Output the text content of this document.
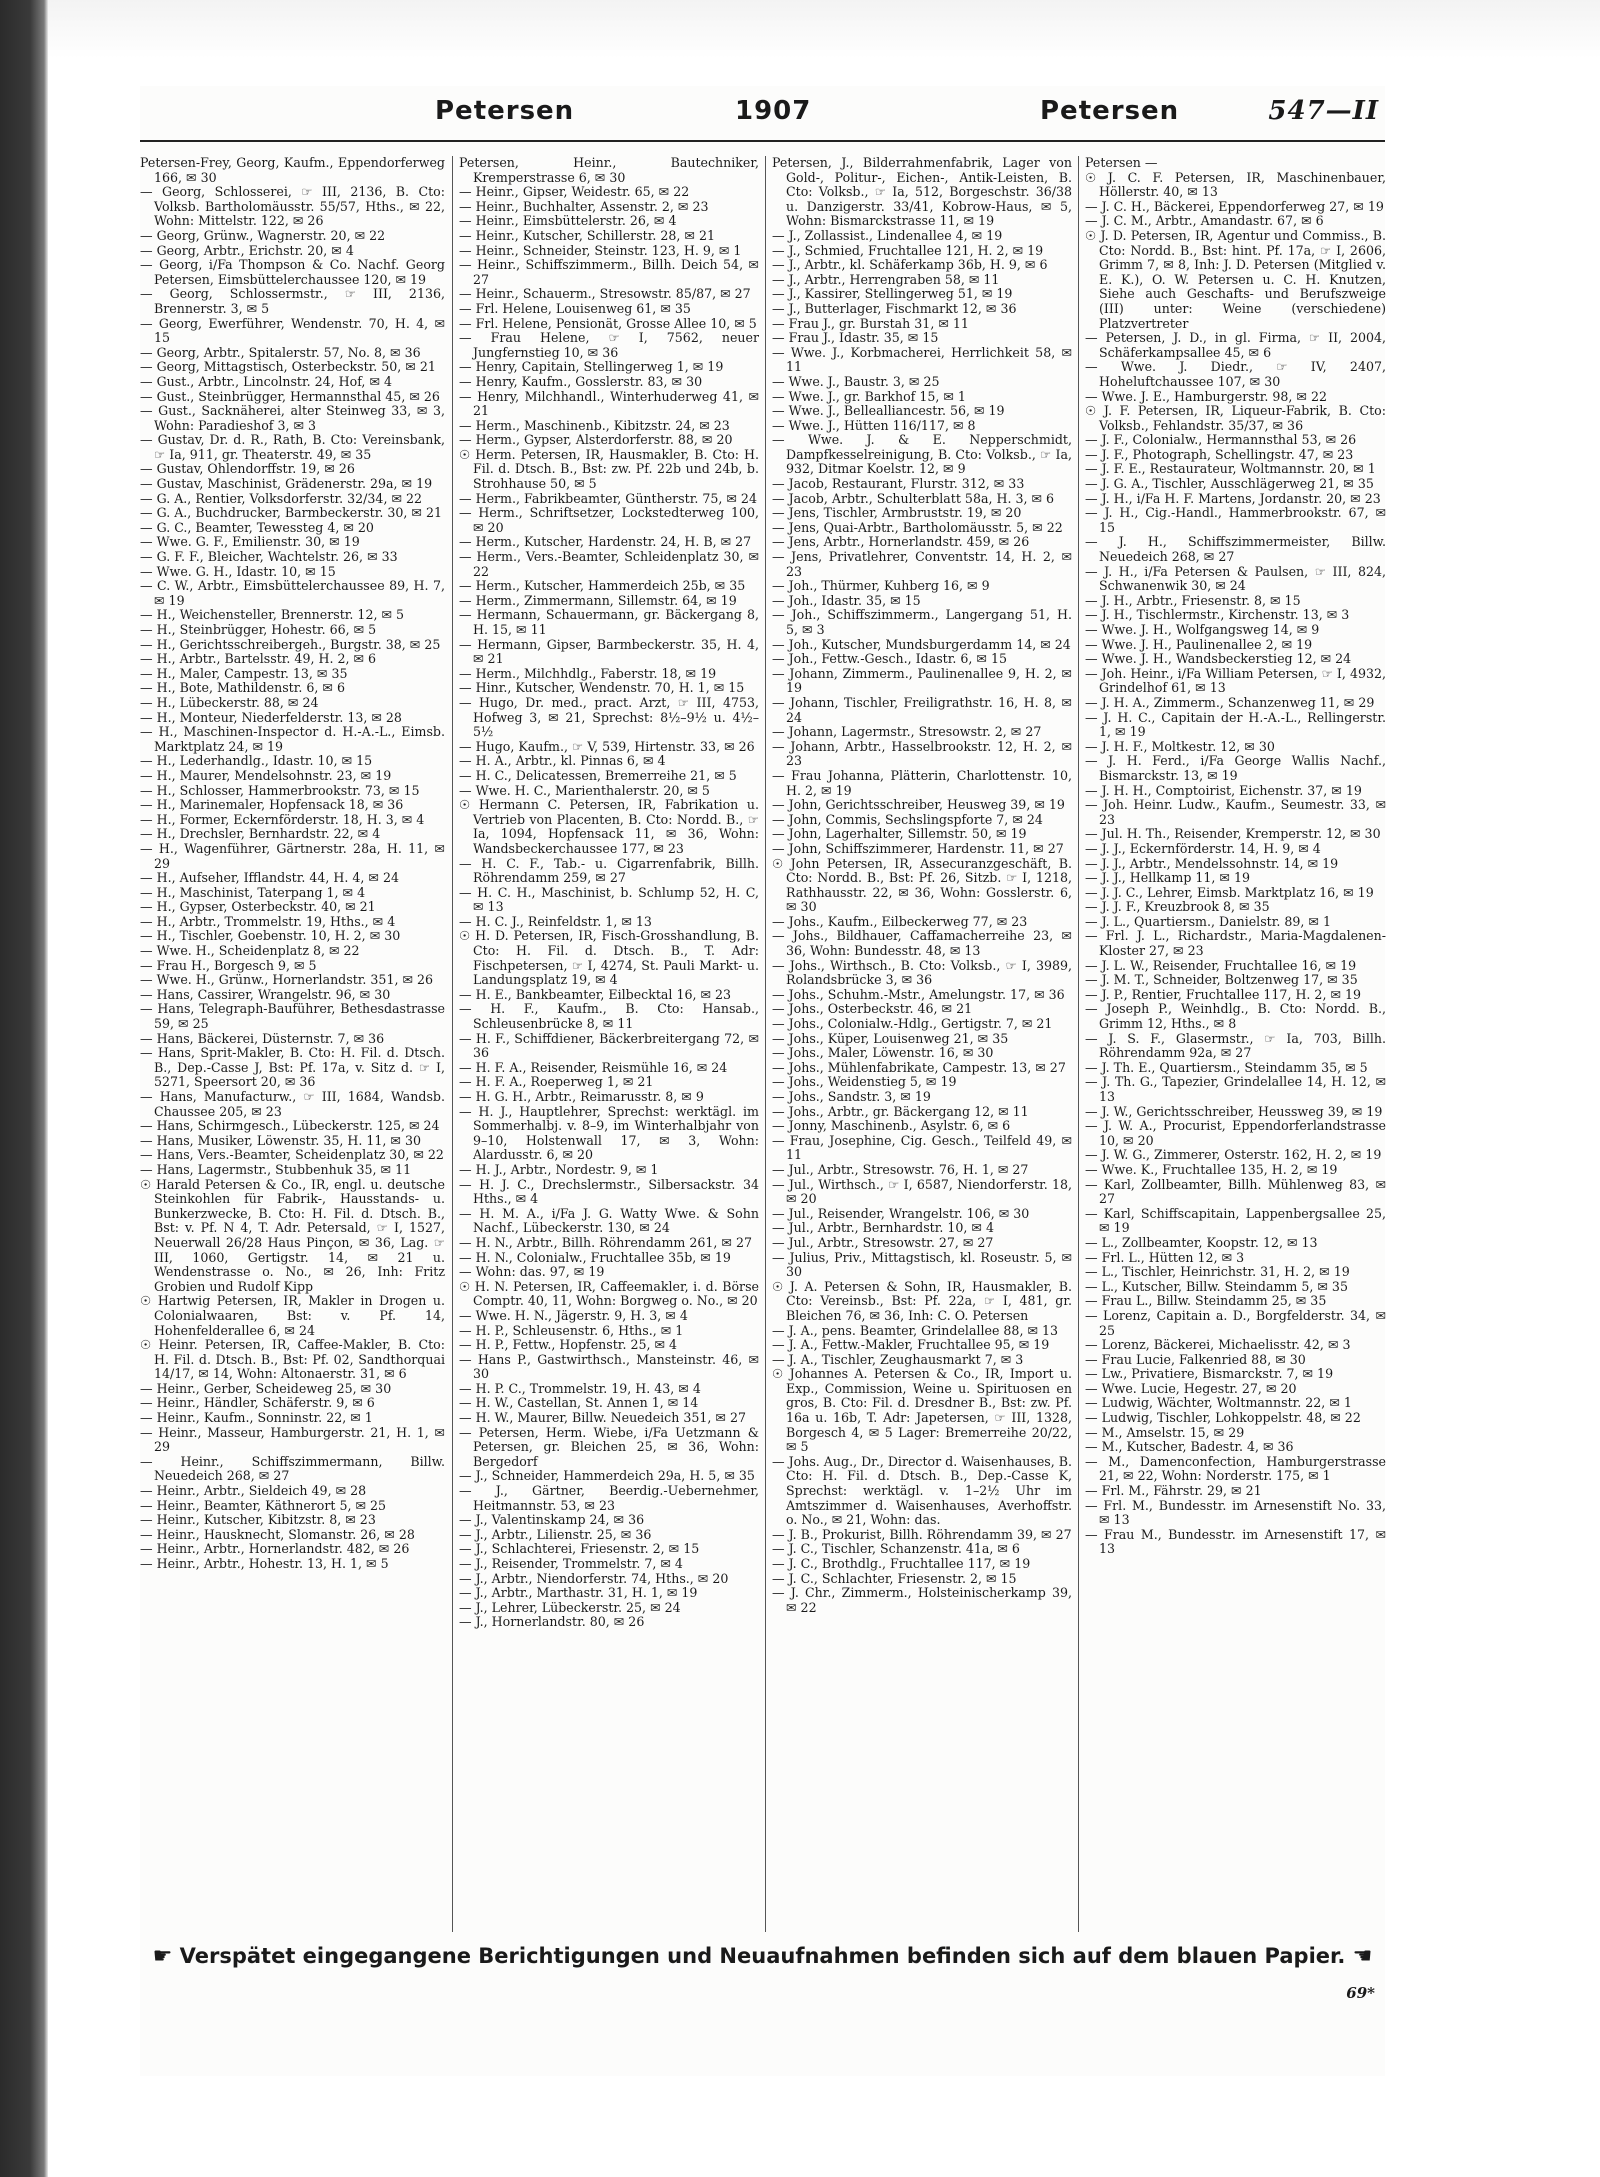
Petersen	1907	Petersen	547—II

Petersen-Frey, Georg, Kaufm., Eppendorferweg 166, ✉ 30

— Georg, Schlosserei, ☞ III, 2136, B. Cto: Volksb. Bartholomäusstr. 55/57, Hths., ✉ 22, Wohn: Mittelstr. 122, ✉ 26

— Georg, Grünw., Wagnerstr. 20, ✉ 22

— Georg, Arbtr., Erichstr. 20, ✉ 4

— Georg, i/Fa Thompson & Co. Nachf. Georg Petersen, Eimsbüttelerchaussee 120, ✉ 19

— Georg, Schlossermstr., ☞ III, 2136, Brennerstr. 3, ✉ 5

— Georg, Ewerführer, Wendenstr. 70, H. 4, ✉ 15

— Georg, Arbtr., Spitalerstr. 57, No. 8, ✉ 36

— Georg, Mittagstisch, Osterbeckstr. 50, ✉ 21

— Gust., Arbtr., Lincolnstr. 24, Hof, ✉ 4

— Gust., Steinbrügger, Hermannsthal 45, ✉ 26

— Gust., Sacknäherei, alter Steinweg 33, ✉ 3, Wohn: Paradieshof 3, ✉ 3

— Gustav, Dr. d. R., Rath, B. Cto: Vereinsbank, ☞ Ia, 911, gr. Theaterstr. 49, ✉ 35

— Gustav, Ohlendorffstr. 19, ✉ 26

— Gustav, Maschinist, Grädenerstr. 29a, ✉ 19

— G. A., Rentier, Volksdorferstr. 32/34, ✉ 22

— G. A., Buchdrucker, Barmbeckerstr. 30, ✉ 21

— G. C., Beamter, Tewessteg 4, ✉ 20

— Wwe. G. F., Emilienstr. 30, ✉ 19

— G. F. F., Bleicher, Wachtelstr. 26, ✉ 33

— Wwe. G. H., Idastr. 10, ✉ 15

— C. W., Arbtr., Eimsbüttelerchaussee 89, H. 7, ✉ 19

— H., Weichensteller, Brennerstr. 12, ✉ 5

— H., Steinbrügger, Hohestr. 66, ✉ 5

— H., Gerichtsschreibergeh., Burgstr. 38, ✉ 25

— H., Arbtr., Bartelsstr. 49, H. 2, ✉ 6

— H., Maler, Campestr. 13, ✉ 35

— H., Bote, Mathildenstr. 6, ✉ 6

— H., Lübeckerstr. 88, ✉ 24

— H., Monteur, Niederfelderstr. 13, ✉ 28

— H., Maschinen-Inspector d. H.-A.-L., Eimsb. Marktplatz 24, ✉ 19

— H., Lederhandlg., Idastr. 10, ✉ 15

— H., Maurer, Mendelsohnstr. 23, ✉ 19

— H., Schlosser, Hammerbrookstr. 73, ✉ 15

— H., Marinemaler, Hopfensack 18, ✉ 36

— H., Former, Eckernförderstr. 18, H. 3, ✉ 4

— H., Drechsler, Bernhardstr. 22, ✉ 4

— H., Wagenführer, Gärtnerstr. 28a, H. 11, ✉ 29

— H., Aufseher, Ifflandstr. 44, H. 4, ✉ 24

— H., Maschinist, Taterpang 1, ✉ 4

— H., Gypser, Osterbeckstr. 40, ✉ 21

— H., Arbtr., Trommelstr. 19, Hths., ✉ 4

— H., Tischler, Goebenstr. 10, H. 2, ✉ 30

— Wwe. H., Scheidenplatz 8, ✉ 22

— Frau H., Borgesch 9, ✉ 5

— Wwe. H., Grünw., Hornerlandstr. 351, ✉ 26

— Hans, Cassirer, Wrangelstr. 96, ✉ 30

— Hans, Telegraph-Bauführer, Bethesdastrasse 59, ✉ 25

— Hans, Bäckerei, Düsternstr. 7, ✉ 36

— Hans, Sprit-Makler, B. Cto: H. Fil. d. Dtsch. B., Dep.-Casse J, Bst: Pf. 17a, v. Sitz d. ☞ I, 5271, Speersort 20, ✉ 36

— Hans, Manufacturw., ☞ III, 1684, Wandsb. Chaussee 205, ✉ 23

— Hans, Schirmgesch., Lübeckerstr. 125, ✉ 24

— Hans, Musiker, Löwenstr. 35, H. 11, ✉ 30

— Hans, Vers.-Beamter, Scheidenplatz 30, ✉ 22

— Hans, Lagermstr., Stubbenhuk 35, ✉ 11

☉ Harald Petersen & Co., IR, engl. u. deutsche Steinkohlen für Fabrik-, Hausstands- u. Bunkerzwecke, B. Cto: H. Fil. d. Dtsch. B., Bst: v. Pf. N 4, T. Adr. Petersald, ☞ I, 1527, Neuerwall 26/28 Haus Pinçon, ✉ 36, Lag. ☞ III, 1060, Gertigstr. 14, ✉ 21 u. Wendenstrasse o. No., ✉ 26, Inh: Fritz Grobien und Rudolf Kipp

☉ Hartwig Petersen, IR, Makler in Drogen u. Colonialwaaren, Bst: v. Pf. 14, Hohenfelderallee 6, ✉ 24

☉ Heinr. Petersen, IR, Caffee-Makler, B. Cto: H. Fil. d. Dtsch. B., Bst: Pf. 02, Sandthorquai 14/17, ✉ 14, Wohn: Altonaerstr. 31, ✉ 6

— Heinr., Gerber, Scheideweg 25, ✉ 30

— Heinr., Händler, Schäferstr. 9, ✉ 6

— Heinr., Kaufm., Sonninstr. 22, ✉ 1

— Heinr., Masseur, Hamburgerstr. 21, H. 1, ✉ 29

— Heinr., Schiffszimmermann, Billw. Neuedeich 268, ✉ 27

— Heinr., Arbtr., Sieldeich 49, ✉ 28

— Heinr., Beamter, Käthnerort 5, ✉ 25

— Heinr., Kutscher, Kibitzstr. 8, ✉ 23

— Heinr., Hausknecht, Slomanstr. 26, ✉ 28

— Heinr., Arbtr., Hornerlandstr. 482, ✉ 26

— Heinr., Arbtr., Hohestr. 13, H. 1, ✉ 5

Petersen, Heinr., Bautechniker, Kremperstrasse 6, ✉ 30

— Heinr., Gipser, Weidestr. 65, ✉ 22

— Heinr., Buchhalter, Assenstr. 2, ✉ 23

— Heinr., Eimsbüttelerstr. 26, ✉ 4

— Heinr., Kutscher, Schillerstr. 28, ✉ 21

— Heinr., Schneider, Steinstr. 123, H. 9, ✉ 1

— Heinr., Schiffszimmerm., Billh. Deich 54, ✉ 27

— Heinr., Schauerm., Stresowstr. 85/87, ✉ 27

— Frl. Helene, Louisenweg 61, ✉ 35

— Frl. Helene, Pensionät, Grosse Allee 10, ✉ 5

— Frau Helene, ☞ I, 7562, neuer Jungfernstieg 10, ✉ 36

— Henry, Capitain, Stellingerweg 1, ✉ 19

— Henry, Kaufm., Gosslerstr. 83, ✉ 30

— Henry, Milchhandl., Winterhuderweg 41, ✉ 21

— Herm., Maschinenb., Kibitzstr. 24, ✉ 23

— Herm., Gypser, Alsterdorferstr. 88, ✉ 20

☉ Herm. Petersen, IR, Hausmakler, B. Cto: H. Fil. d. Dtsch. B., Bst: zw. Pf. 22b und 24b, b. Strohhause 50, ✉ 5

— Herm., Fabrikbeamter, Güntherstr. 75, ✉ 24

— Herm., Schriftsetzer, Lockstedterweg 100, ✉ 20

— Herm., Kutscher, Hardenstr. 24, H. B, ✉ 27

— Herm., Vers.-Beamter, Schleidenplatz 30, ✉ 22

— Herm., Kutscher, Hammerdeich 25b, ✉ 35

— Herm., Zimmermann, Sillemstr. 64, ✉ 19

— Hermann, Schauermann, gr. Bäckergang 8, H. 15, ✉ 11

— Hermann, Gipser, Barmbeckerstr. 35, H. 4, ✉ 21

— Herm., Milchhdlg., Faberstr. 18, ✉ 19

— Hinr., Kutscher, Wendenstr. 70, H. 1, ✉ 15

— Hugo, Dr. med., pract. Arzt, ☞ III, 4753, Hofweg 3, ✉ 21, Sprechst: 8½–9½ u. 4½–5½

— Hugo, Kaufm., ☞ V, 539, Hirtenstr. 33, ✉ 26

— H. A., Arbtr., kl. Pinnas 6, ✉ 4

— H. C., Delicatessen, Bremerreihe 21, ✉ 5

— Wwe. H. C., Marienthalerstr. 20, ✉ 5

☉ Hermann C. Petersen, IR, Fabrikation u. Vertrieb von Placenten, B. Cto: Nordd. B., ☞ Ia, 1094, Hopfensack 11, ✉ 36, Wohn: Wandsbeckerchaussee 177, ✉ 23

— H. C. F., Tab.- u. Cigarrenfabrik, Billh. Röhrendamm 259, ✉ 27

— H. C. H., Maschinist, b. Schlump 52, H. C, ✉ 13

— H. C. J., Reinfeldstr. 1, ✉ 13

☉ H. D. Petersen, IR, Fisch-Grosshandlung, B. Cto: H. Fil. d. Dtsch. B., T. Adr: Fischpetersen, ☞ I, 4274, St. Pauli Markt- u. Landungsplatz 19, ✉ 4

— H. E., Bankbeamter, Eilbecktal 16, ✉ 23

— H. F., Kaufm., B. Cto: Hansab., Schleusenbrücke 8, ✉ 11

— H. F., Schiffdiener, Bäckerbreitergang 72, ✉ 36

— H. F. A., Reisender, Reismühle 16, ✉ 24

— H. F. A., Roeperweg 1, ✉ 21

— H. G. H., Arbtr., Reimarusstr. 8, ✉ 9

— H. J., Hauptlehrer, Sprechst: werktägl. im Sommerhalbj. v. 8–9, im Winterhalbjahr von 9–10, Holstenwall 17, ✉ 3, Wohn: Alardusstr. 6, ✉ 20

— H. J., Arbtr., Nordestr. 9, ✉ 1

— H. J. C., Drechslermstr., Silbersackstr. 34 Hths., ✉ 4

— H. M. A., i/Fa J. G. Watty Wwe. & Sohn Nachf., Lübeckerstr. 130, ✉ 24

— H. N., Arbtr., Billh. Röhrendamm 261, ✉ 27

— H. N., Colonialw., Fruchtallee 35b, ✉ 19

— Wohn: das. 97, ✉ 19

☉ H. N. Petersen, IR, Caffeemakler, i. d. Börse Comptr. 40, 11, Wohn: Borgweg o. No., ✉ 20

— Wwe. H. N., Jägerstr. 9, H. 3, ✉ 4

— H. P., Schleusenstr. 6, Hths., ✉ 1

— H. P., Fettw., Hopfenstr. 25, ✉ 4

— Hans P., Gastwirthsch., Mansteinstr. 46, ✉ 30

— H. P. C., Trommelstr. 19, H. 43, ✉ 4

— H. W., Castellan, St. Annen 1, ✉ 14

— H. W., Maurer, Billw. Neuedeich 351, ✉ 27

— Petersen, Herm. Wiebe, i/Fa Uetzmann & Petersen, gr. Bleichen 25, ✉ 36, Wohn: Bergedorf

— J., Schneider, Hammerdeich 29a, H. 5, ✉ 35

— J., Gärtner, Beerdig.-Uebernehmer, Heitmannstr. 53, ✉ 23

— J., Valentinskamp 24, ✉ 36

— J., Arbtr., Lilienstr. 25, ✉ 36

— J., Schlachterei, Friesenstr. 2, ✉ 15

— J., Reisender, Trommelstr. 7, ✉ 4

— J., Arbtr., Niendorferstr. 74, Hths., ✉ 20

— J., Arbtr., Marthastr. 31, H. 1, ✉ 19

— J., Lehrer, Lübeckerstr. 25, ✉ 24

— J., Hornerlandstr. 80, ✉ 26

Petersen, J., Bilderrahmenfabrik, Lager von Gold-, Politur-, Eichen-, Antik-Leisten, B. Cto: Volksb., ☞ Ia, 512, Borgeschstr. 36/38 u. Danzigerstr. 33/41, Kobrow-Haus, ✉ 5, Wohn: Bismarckstrasse 11, ✉ 19

— J., Zollassist., Lindenallee 4, ✉ 19

— J., Schmied, Fruchtallee 121, H. 2, ✉ 19

— J., Arbtr., kl. Schäferkamp 36b, H. 9, ✉ 6

— J., Arbtr., Herrengraben 58, ✉ 11

— J., Kassirer, Stellingerweg 51, ✉ 19

— J., Butterlager, Fischmarkt 12, ✉ 36

— Frau J., gr. Burstah 31, ✉ 11

— Frau J., Idastr. 35, ✉ 15

— Wwe. J., Korbmacherei, Herrlichkeit 58, ✉ 11

— Wwe. J., Baustr. 3, ✉ 25

— Wwe. J., gr. Barkhof 15, ✉ 1

— Wwe. J., Bellealliancestr. 56, ✉ 19

— Wwe. J., Hütten 116/117, ✉ 8

— Wwe. J. & E. Nepperschmidt, Dampfkesselreinigung, B. Cto: Volksb., ☞ Ia, 932, Ditmar Koelstr. 12, ✉ 9

— Jacob, Restaurant, Flurstr. 312, ✉ 33

— Jacob, Arbtr., Schulterblatt 58a, H. 3, ✉ 6

— Jens, Tischler, Armbruststr. 19, ✉ 20

— Jens, Quai-Arbtr., Bartholomäusstr. 5, ✉ 22

— Jens, Arbtr., Hornerlandstr. 459, ✉ 26

— Jens, Privatlehrer, Conventstr. 14, H. 2, ✉ 23

— Joh., Thürmer, Kuhberg 16, ✉ 9

— Joh., Idastr. 35, ✉ 15

— Joh., Schiffszimmerm., Langergang 51, H. 5, ✉ 3

— Joh., Kutscher, Mundsburgerdamm 14, ✉ 24

— Joh., Fettw.-Gesch., Idastr. 6, ✉ 15

— Johann, Zimmerm., Paulinenallee 9, H. 2, ✉ 19

— Johann, Tischler, Freiligrathstr. 16, H. 8, ✉ 24

— Johann, Lagermstr., Stresowstr. 2, ✉ 27

— Johann, Arbtr., Hasselbrookstr. 12, H. 2, ✉ 23

— Frau Johanna, Plätterin, Charlottenstr. 10, H. 2, ✉ 19

— John, Gerichtsschreiber, Heusweg 39, ✉ 19

— John, Commis, Sechslingspforte 7, ✉ 24

— John, Lagerhalter, Sillemstr. 50, ✉ 19

— John, Schiffszimmerer, Hardenstr. 11, ✉ 27

☉ John Petersen, IR, Assecuranzgeschäft, B. Cto: Nordd. B., Bst: Pf. 26, Sitzb. ☞ I, 1218, Rathhausstr. 22, ✉ 36, Wohn: Gosslerstr. 6, ✉ 30

— Johs., Kaufm., Eilbeckerweg 77, ✉ 23

— Johs., Bildhauer, Caffamacherreihe 23, ✉ 36, Wohn: Bundesstr. 48, ✉ 13

— Johs., Wirthsch., B. Cto: Volksb., ☞ I, 3989, Rolandsbrücke 3, ✉ 36

— Johs., Schuhm.-Mstr., Amelungstr. 17, ✉ 36

— Johs., Osterbeckstr. 46, ✉ 21

— Johs., Colonialw.-Hdlg., Gertigstr. 7, ✉ 21

— Johs., Küper, Louisenweg 21, ✉ 35

— Johs., Maler, Löwenstr. 16, ✉ 30

— Johs., Mühlenfabrikate, Campestr. 13, ✉ 27

— Johs., Weidenstieg 5, ✉ 19

— Johs., Sandstr. 3, ✉ 19

— Johs., Arbtr., gr. Bäckergang 12, ✉ 11

— Jonny, Maschinenb., Asylstr. 6, ✉ 6

— Frau, Josephine, Cig. Gesch., Teilfeld 49, ✉ 11

— Jul., Arbtr., Stresowstr. 76, H. 1, ✉ 27

— Jul., Wirthsch., ☞ I, 6587, Niendorferstr. 18, ✉ 20

— Jul., Reisender, Wrangelstr. 106, ✉ 30

— Jul., Arbtr., Bernhardstr. 10, ✉ 4

— Jul., Arbtr., Stresowstr. 27, ✉ 27

— Julius, Priv., Mittagstisch, kl. Roseustr. 5, ✉ 30

☉ J. A. Petersen & Sohn, IR, Hausmakler, B. Cto: Vereinsb., Bst: Pf. 22a, ☞ I, 481, gr. Bleichen 76, ✉ 36, Inh: C. O. Petersen

— J. A., pens. Beamter, Grindelallee 88, ✉ 13

— J. A., Fettw.-Makler, Fruchtallee 95, ✉ 19

— J. A., Tischler, Zeughausmarkt 7, ✉ 3

☉ Johannes A. Petersen & Co., IR, Import u. Exp., Commission, Weine u. Spirituosen en gros, B. Cto: Fil. d. Dresdner B., Bst: zw. Pf. 16a u. 16b, T. Adr: Japetersen, ☞ III, 1328, Borgesch 4, ✉ 5 Lager: Bremerreihe 20/22, ✉ 5

— Johs. Aug., Dr., Director d. Waisenhauses, B. Cto: H. Fil. d. Dtsch. B., Dep.-Casse K, Sprechst: werktägl. v. 1–2½ Uhr im Amtszimmer d. Waisenhauses, Averhoffstr. o. No., ✉ 21, Wohn: das.

— J. B., Prokurist, Billh. Röhrendamm 39, ✉ 27

— J. C., Tischler, Schanzenstr. 41a, ✉ 6

— J. C., Brothdlg., Fruchtallee 117, ✉ 19

— J. C., Schlachter, Friesenstr. 2, ✉ 15

— J. Chr., Zimmerm., Holsteinischerkamp 39, ✉ 22

Petersen —

☉ J. C. F. Petersen, IR, Maschinenbauer, Höllerstr. 40, ✉ 13

— J. C. H., Bäckerei, Eppendorferweg 27, ✉ 19

— J. C. M., Arbtr., Amandastr. 67, ✉ 6

☉ J. D. Petersen, IR, Agentur und Commiss., B. Cto: Nordd. B., Bst: hint. Pf. 17a, ☞ I, 2606, Grimm 7, ✉ 8, Inh: J. D. Petersen (Mitglied v. E. K.), O. W. Petersen u. C. H. Knutzen, Siehe auch Geschafts- und Berufszweige (III) unter: Weine (verschiedene) Platzvertreter

— Petersen, J. D., in gl. Firma, ☞ II, 2004, Schäferkampsallee 45, ✉ 6

— Wwe. J. Diedr., ☞ IV, 2407, Hoheluftchaussee 107, ✉ 30

— Wwe. J. E., Hamburgerstr. 98, ✉ 22

☉ J. F. Petersen, IR, Liqueur-Fabrik, B. Cto: Volksb., Fehlandstr. 35/37, ✉ 36

— J. F., Colonialw., Hermannsthal 53, ✉ 26

— J. F., Photograph, Schellingstr. 47, ✉ 23

— J. F. E., Restaurateur, Woltmannstr. 20, ✉ 1

— J. G. A., Tischler, Ausschlägerweg 21, ✉ 35

— J. H., i/Fa H. F. Martens, Jordanstr. 20, ✉ 23

— J. H., Cig.-Handl., Hammerbrookstr. 67, ✉ 15

— J. H., Schiffszimmermeister, Billw. Neuedeich 268, ✉ 27

— J. H., i/Fa Petersen & Paulsen, ☞ III, 824, Schwanenwik 30, ✉ 24

— J. H., Arbtr., Friesenstr. 8, ✉ 15

— J. H., Tischlermstr., Kirchenstr. 13, ✉ 3

— Wwe. J. H., Wolfgangsweg 14, ✉ 9

— Wwe. J. H., Paulinenallee 2, ✉ 19

— Wwe. J. H., Wandsbeckerstieg 12, ✉ 24

— Joh. Heinr., i/Fa William Petersen, ☞ I, 4932, Grindelhof 61, ✉ 13

— J. H. A., Zimmerm., Schanzenweg 11, ✉ 29

— J. H. C., Capitain der H.-A.-L., Rellingerstr. 1, ✉ 19

— J. H. F., Moltkestr. 12, ✉ 30

— J. H. Ferd., i/Fa George Wallis Nachf., Bismarckstr. 13, ✉ 19

— J. H. H., Comptoirist, Eichenstr. 37, ✉ 19

— Joh. Heinr. Ludw., Kaufm., Seumestr. 33, ✉ 23

— Jul. H. Th., Reisender, Kremperstr. 12, ✉ 30

— J. J., Eckernförderstr. 14, H. 9, ✉ 4

— J. J., Arbtr., Mendelssohnstr. 14, ✉ 19

— J. J., Hellkamp 11, ✉ 19

— J. J. C., Lehrer, Eimsb. Marktplatz 16, ✉ 19

— J. J. F., Kreuzbrook 8, ✉ 35

— J. L., Quartiersm., Danielstr. 89, ✉ 1

— Frl. J. L., Richardstr., Maria-Magdalenen-Kloster 27, ✉ 23

— J. L. W., Reisender, Fruchtallee 16, ✉ 19

— J. M. T., Schneider, Boltzenweg 17, ✉ 35

— J. P., Rentier, Fruchtallee 117, H. 2, ✉ 19

— Joseph P., Weinhdlg., B. Cto: Nordd. B., Grimm 12, Hths., ✉ 8

— J. S. F., Glasermstr., ☞ Ia, 703, Billh. Röhrendamm 92a, ✉ 27

— J. Th. E., Quartiersm., Steindamm 35, ✉ 5

— J. Th. G., Tapezier, Grindelallee 14, H. 12, ✉ 13

— J. W., Gerichtsschreiber, Heussweg 39, ✉ 19

— J. W. A., Procurist, Eppendorferlandstrasse 10, ✉ 20

— J. W. G., Zimmerer, Osterstr. 162, H. 2, ✉ 19

— Wwe. K., Fruchtallee 135, H. 2, ✉ 19

— Karl, Zollbeamter, Billh. Mühlenweg 83, ✉ 27

— Karl, Schiffscapitain, Lappenbergsallee 25, ✉ 19

— L., Zollbeamter, Koopstr. 12, ✉ 13

— Frl. L., Hütten 12, ✉ 3

— L., Tischler, Heinrichstr. 31, H. 2, ✉ 19

— L., Kutscher, Billw. Steindamm 5, ✉ 35

— Frau L., Billw. Steindamm 25, ✉ 35

— Lorenz, Capitain a. D., Borgfelderstr. 34, ✉ 25

— Lorenz, Bäckerei, Michaelisstr. 42, ✉ 3

— Frau Lucie, Falkenried 88, ✉ 30

— Lw., Privatiere, Bismarckstr. 7, ✉ 19

— Wwe. Lucie, Hegestr. 27, ✉ 20

— Ludwig, Wächter, Woltmannstr. 22, ✉ 1

— Ludwig, Tischler, Lohkoppelstr. 48, ✉ 22

— M., Amselstr. 15, ✉ 29

— M., Kutscher, Badestr. 4, ✉ 36

— M., Damenconfection, Hamburgerstrasse 21, ✉ 22, Wohn: Norderstr. 175, ✉ 1

— Frl. M., Fährstr. 29, ✉ 21

— Frl. M., Bundesstr. im Arnesenstift No. 33, ✉ 13

— Frau M., Bundesstr. im Arnesenstift 17, ✉ 13

☛ Verspätet eingegangene Berichtigungen und Neuaufnahmen befinden sich auf dem blauen Papier. ☚
69*
